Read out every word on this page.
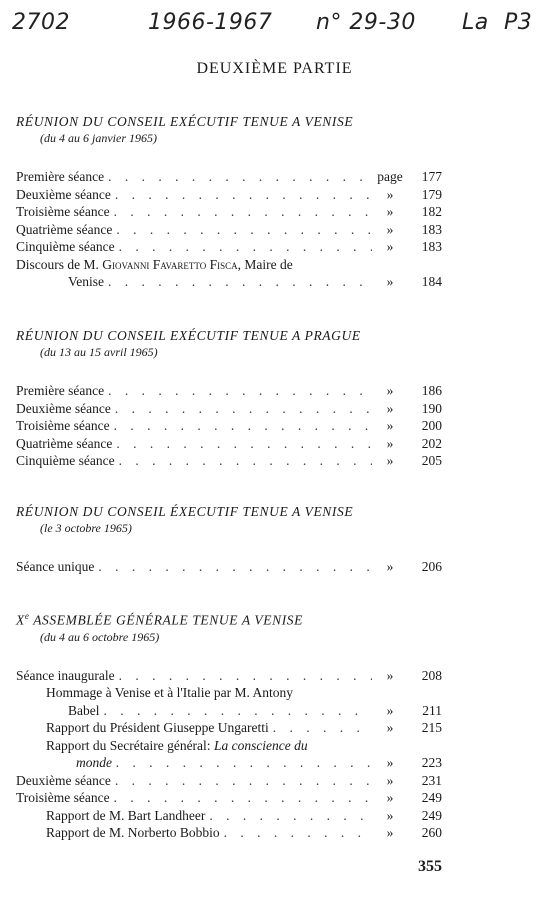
2702	1966-1967 n° 29-30 La P3
DEUXIÈME PARTIE
RÉUNION DU CONSEIL EXÉCUTIF TENUE A VENISE
(du 4 au 6 janvier 1965)
Première séance . . .	page	177
Deuxième séance . . .	»	179
Troisième séance . . .	»	182
Quatrième séance . . .	»	183
Cinquième séance . . .	»	183
Discours de M. Giovanni Favaretto Fisca, Maire de
Venise . . .	»	184
RÉUNION DU CONSEIL EXÉCUTIF TENUE A PRAGUE
(du 13 au 15 avril 1965)
Première séance . . .	»	186
Deuxième séance . . .	»	190
Troisième séance . . .	»	200
Quatrième séance . . .	»	202
Cinquième séance . . .	»	205
RÉUNION DU CONSEIL ÉXECUTIF TENUE A VENISE
(le 3 octobre 1965)
Séance unique . . .	»	206
Xe ASSEMBLÉE GÉNÉRALE TENUE A VENISE
(du 4 au 6 octobre 1965)
Séance inaugurale . . .	»	208
Hommage à Venise et à l'Italie par M. Antony
Babel . . .	»	211
Rapport du Président Giuseppe Ungaretti . . .	»	215
Rapport du Secrétaire général: La conscience du
monde . . .	»	223
Deuxième séance . . .	»	231
Troisième séance . . .	»	249
Rapport de M. Bart Landheer . . .	»	249
Rapport de M. Norberto Bobbio . . .	»	260
355
